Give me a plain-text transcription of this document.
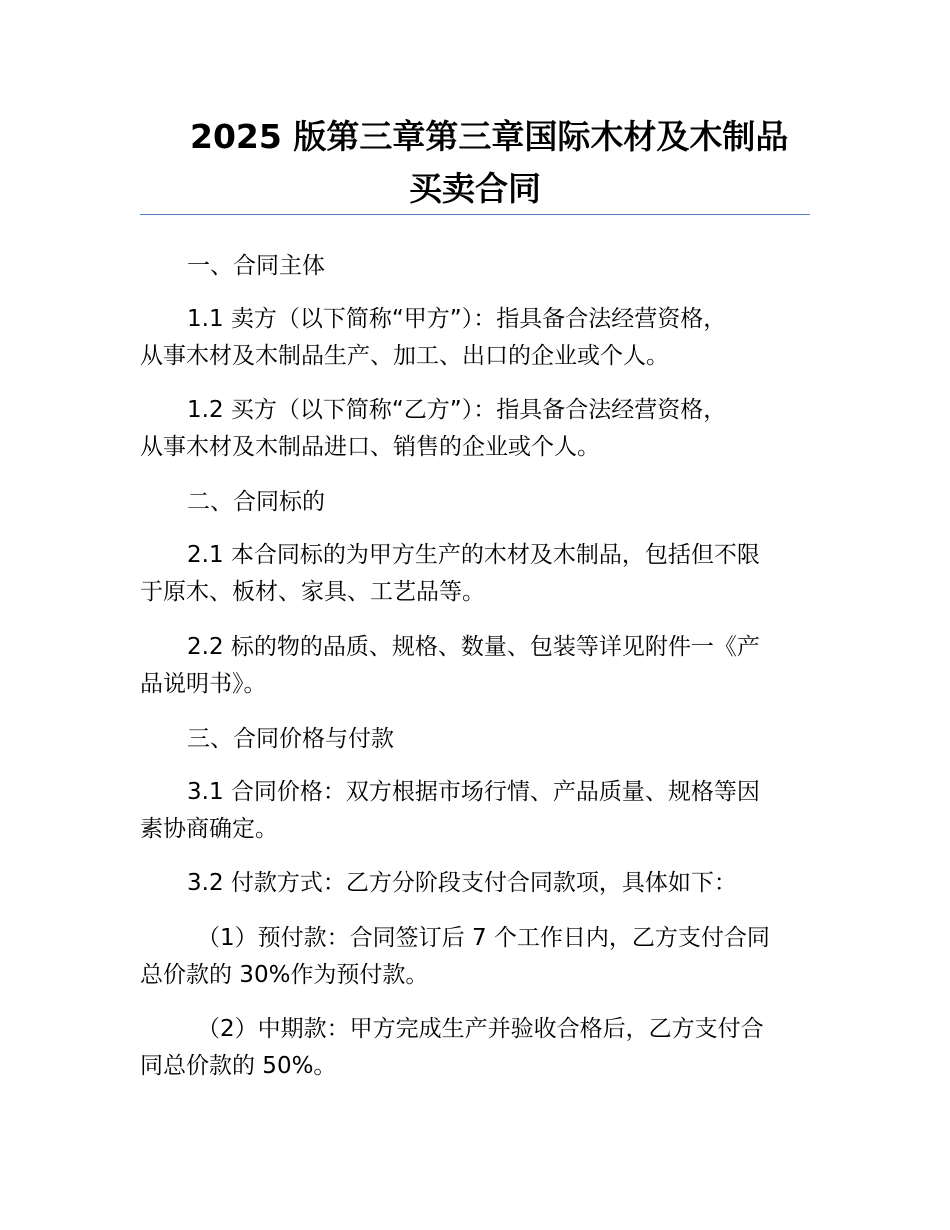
2025 版第三章第三章国际木材及木制品
买卖合同

一、合同主体

1.1 卖方（以下简称“甲方”）：指具备合法经营资格，
从事木材及木制品生产、加工、出口的企业或个人。

1.2 买方（以下简称“乙方”）：指具备合法经营资格，
从事木材及木制品进口、销售的企业或个人。

二、合同标的

2.1 本合同标的为甲方生产的木材及木制品，包括但不限
于原木、板材、家具、工艺品等。

2.2 标的物的品质、规格、数量、包装等详见附件一《产
品说明书》。

三、合同价格与付款

3.1 合同价格：双方根据市场行情、产品质量、规格等因
素协商确定。

3.2 付款方式：乙方分阶段支付合同款项，具体如下：

（1）预付款：合同签订后 7 个工作日内，乙方支付合同
总价款的 30%作为预付款。

（2）中期款：甲方完成生产并验收合格后，乙方支付合
同总价款的 50%。
